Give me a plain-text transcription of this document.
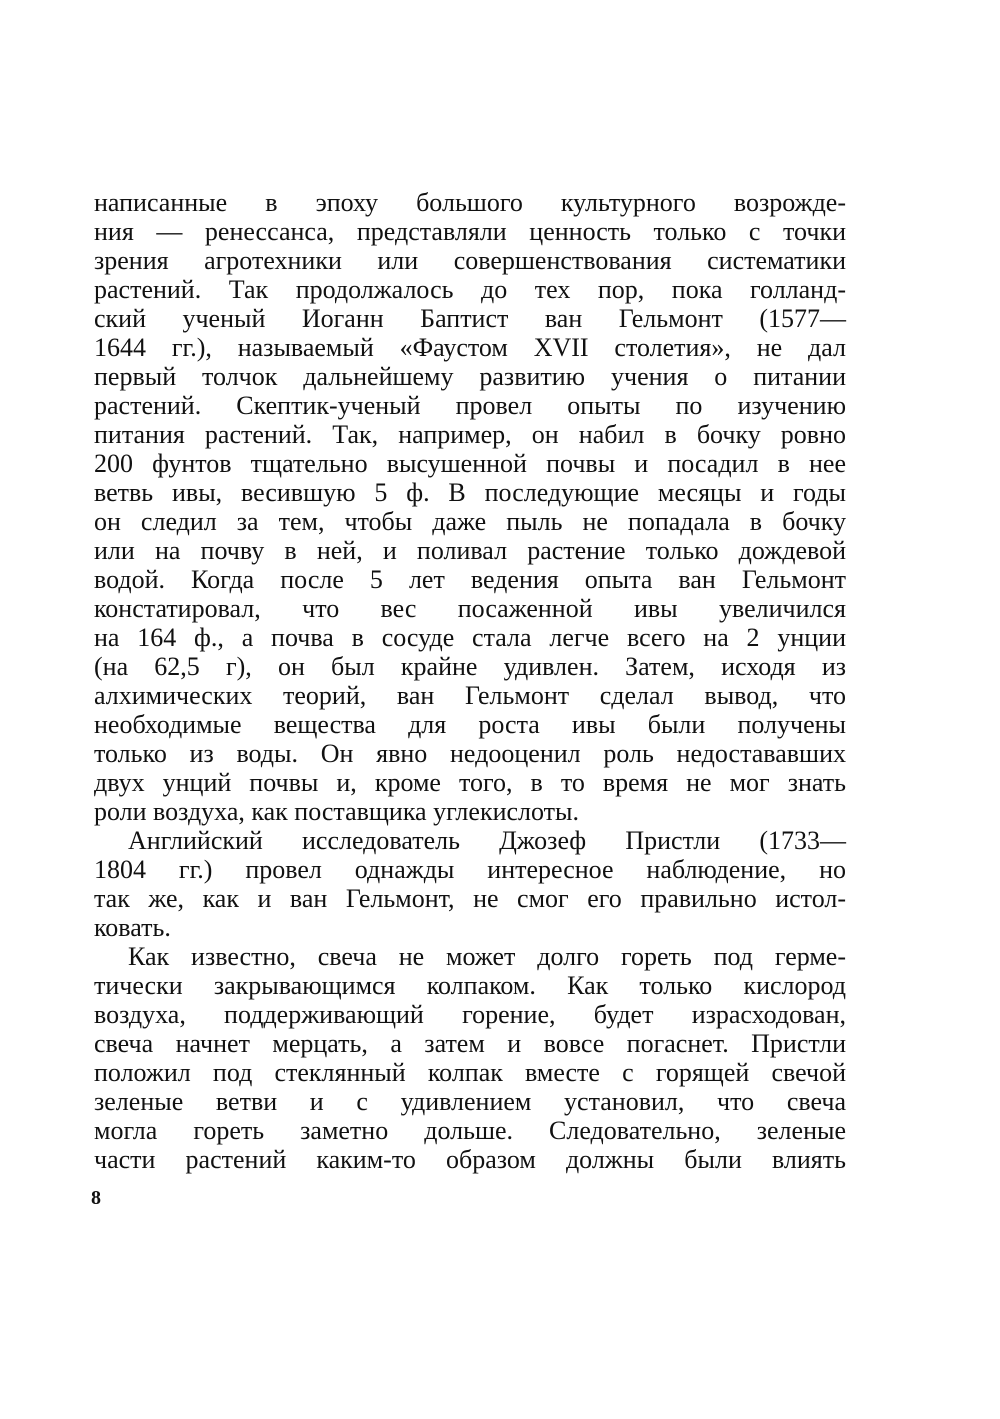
написанные в эпоху большого культурного возрожде-
ния — ренессанса, представляли ценность только с точки
зрения агротехники или совершенствования систематики
растений. Так продолжалось до тех пор, пока голланд-
ский ученый Иоганн Баптист ван Гельмонт (1577—
1644 гг.), называемый «Фаустом XVII столетия», не дал
первый толчок дальнейшему развитию учения о питании
растений. Скептик-ученый провел опыты по изучению
питания растений. Так, например, он набил в бочку ровно
200 фунтов тщательно высушенной почвы и посадил в нее
ветвь ивы, весившую 5 ф. В последующие месяцы и годы
он следил за тем, чтобы даже пыль не попадала в бочку
или на почву в ней, и поливал растение только дождевой
водой. Когда после 5 лет ведения опыта ван Гельмонт
констатировал, что вес посаженной ивы увеличился
на 164 ф., а почва в сосуде стала легче всего на 2 унции
(на 62,5 г), он был крайне удивлен. Затем, исходя из
алхимических теорий, ван Гельмонт сделал вывод, что
необходимые вещества для роста ивы были получены
только из воды. Он явно недооценил роль недостававших
двух унций почвы и, кроме того, в то время не мог знать
роли воздуха, как поставщика углекислоты.
Английский исследователь Джозеф Пристли (1733—
1804 гг.) провел однажды интересное наблюдение, но
так же, как и ван Гельмонт, не смог его правильно истол-
ковать.
Как известно, свеча не может долго гореть под герме-
тически закрывающимся колпаком. Как только кислород
воздуха, поддерживающий горение, будет израсходован,
свеча начнет мерцать, а затем и вовсе погаснет. Пристли
положил под стеклянный колпак вместе с горящей свечой
зеленые ветви и с удивлением установил, что свеча
могла гореть заметно дольше. Следовательно, зеленые
части растений каким-то образом должны были влиять
8
